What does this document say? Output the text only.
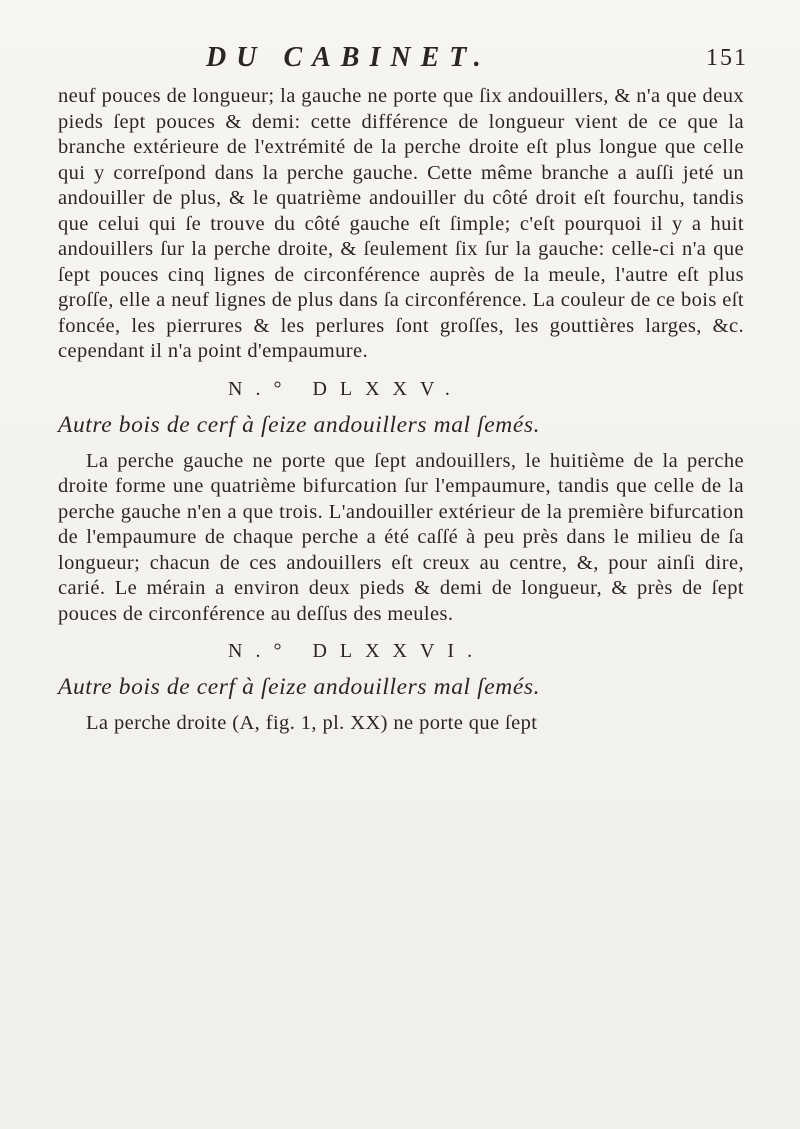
DU CABINET.	151

neuf pouces de longueur; la gauche ne porte que ſix andouillers, & n'a que deux pieds ſept pouces & demi: cette différence de longueur vient de ce que la branche extérieure de l'extrémité de la perche droite eſt plus longue que celle qui y correſpond dans la perche gauche. Cette même branche a auſſi jeté un andouiller de plus, & le quatrième andouiller du côté droit eſt fourchu, tandis que celui qui ſe trouve du côté gauche eſt ſimple; c'eſt pourquoi il y a huit andouillers ſur la perche droite, & ſeulement ſix ſur la gauche: celle-ci n'a que ſept pouces cinq lignes de circonférence auprès de la meule, l'autre eſt plus groſſe, elle a neuf lignes de plus dans ſa circonférence. La couleur de ce bois eſt foncée, les pierrures & les perlures ſont groſſes, les gouttières larges, &c. cependant il n'a point d'empaumure.

N.° DLXXV.
Autre bois de cerf à ſeize andouillers mal ſemés.

La perche gauche ne porte que ſept andouillers, le huitième de la perche droite forme une quatrième bifurcation ſur l'empaumure, tandis que celle de la perche gauche n'en a que trois. L'andouiller extérieur de la première bifurcation de l'empaumure de chaque perche a été caſſé à peu près dans le milieu de ſa longueur; chacun de ces andouillers eſt creux au centre, &, pour ainſi dire, carié. Le mérain a environ deux pieds & demi de longueur, & près de ſept pouces de circonférence au deſſus des meules.

N.° DLXXVI.
Autre bois de cerf à ſeize andouillers mal ſemés.

La perche droite (A, fig. 1, pl. XX) ne porte que ſept
